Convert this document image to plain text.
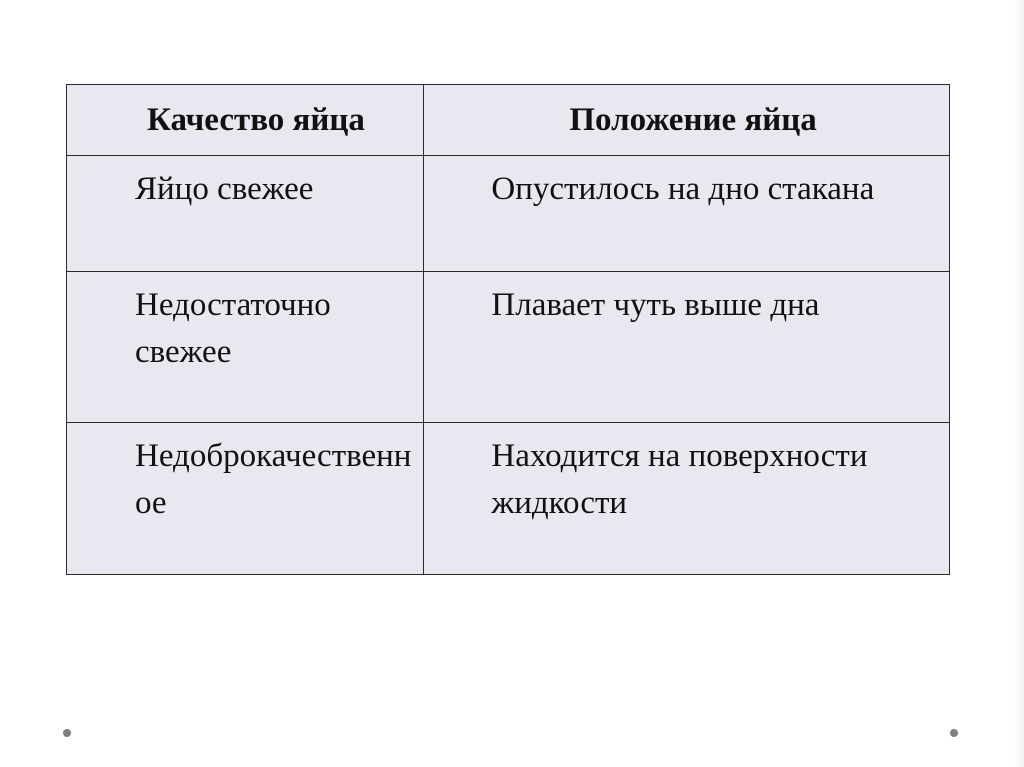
Качество яйца	Положение яйца
Яйцо свежее	Опустилось на дно стакана
Недостаточно свежее	Плавает чуть выше дна
Недоброкачественное	Находится на поверхности жидкости
